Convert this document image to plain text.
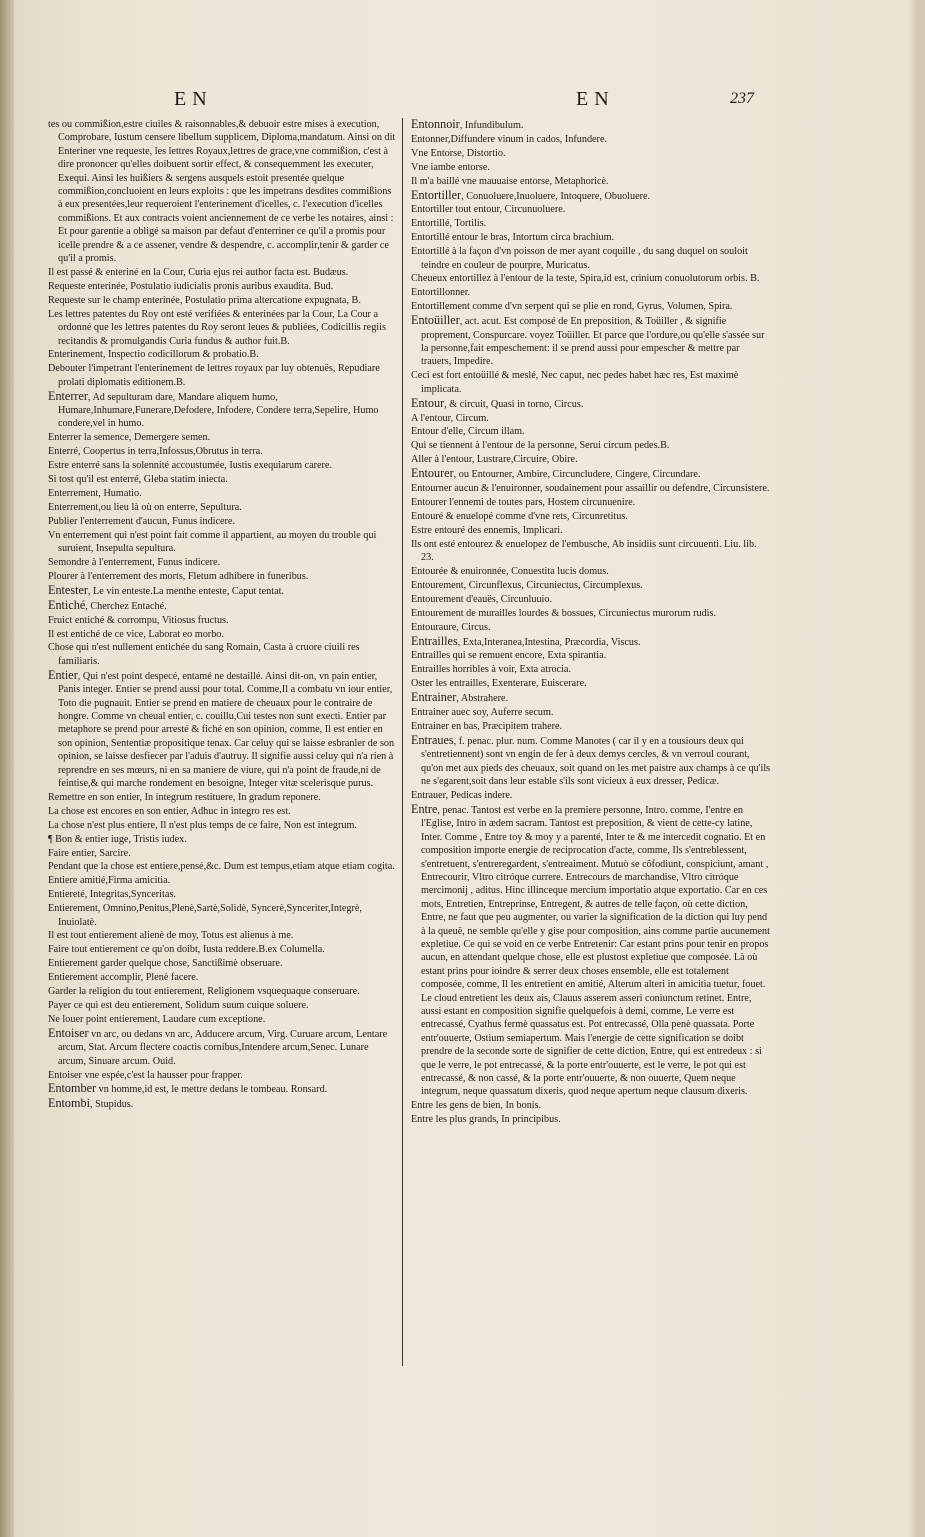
EN	EN	237

tes ou commißion,estre ciuiles & raisonnables,& debuoir estre mises à execution, Comprobare, Iustum censere libellum supplicem, Diploma,mandatum. Ainsi on dit Enteriner vne requeste, les lettres Royaux,lettres de grace,vne commißion, c'est à dire prononcer qu'elles doibuent sortir effect, & consequemment les executer, Exequi. Ainsi les huißiers & sergens ausquels estoit presentée quelque commißion,concluoient en leurs exploits : que les impetrans desdites commißions à eux presentées,leur requeroient l'enterinement d'icelles, c. l'execution d'icelles commißions. Et aux contracts voient anciennement de ce verbe les notaires, ainsi : Et pour garentie a obligé sa maison par defaut d'enterriner ce qu'il a promis pour icelle prendre & a ce assener, vendre & despendre, c. accomplir,tenir & garder ce qu'il a promis.

Il est passé & enteriné en la Cour, Curia ejus rei author facta est. Budæus.

Requeste enterinée, Postulatio iudicialis pronis auribus exaudita. Bud.

Requeste sur le champ enterinée, Postulatio prima altercatione expugnata, B.

Les lettres patentes du Roy ont esté verifiées & enterinées par la Cour, La Cour a ordonné que les lettres patentes du Roy seront leues & publiées, Codicillis regiis recitandis & promulgandis Curia fundus & author fuit.B.

Enterinement, Inspectio codicillorum & probatio.B.

Debouter l'impetrant l'enterinement de lettres royaux par luy obtenuës, Repudiare prolati diplomatis editionem.B.

Enterrer, Ad sepulturam dare, Mandare aliquem humo, Humare,Inhumare,Funerare,Defodere, Infodere, Condere terra,Sepelire, Humo condere,vel in humo.

Enterrer la semence, Demergere semen.

Enterré, Coopertus in terra,Infossus,Obrutus in terra.

Estre enterré sans la solennité accoustumée, Iustis exequiarum carere.

Si tost qu'il est enterré, Gleba statim iniecta.

Enterrement, Humatio.

Enterrement,ou lieu là où on enterre, Sepultura.

Publier l'enterrement d'aucun, Funus indicere.

Vn enterrement qui n'est point fait comme il appartient, au moyen du trouble qui suruient, Insepulta sepultura.

Semondre à l'enterrement, Funus indicere.

Plourer à l'enterrement des morts, Fletum adhibere in funeribus.

Entester, Le vin enteste.La menthe enteste, Caput tentat.

Entiché, Cherchez Entaché.

Fruict entiché & corrompu, Vitiosus fructus.

Il est entiché de ce vice, Laborat eo morbo.

Chose qui n'est nullement entichée du sang Romain, Casta à cruore ciuili res familiaris.

Entier, Qui n'est point despecé, entamé ne destaillé. Ainsi dit-on, vn pain entier, Panis integer. Entier se prend aussi pour total. Comme,Il a combatu vn iour entier, Toto die pugnauit. Entier se prend en matiere de cheuaux pour le contraire de hongre. Comme vn cheual entier, c. couillu,Cui testes non sunt execti. Entier par metaphore se prend pour arresté & fiché en son opinion, comme, Il est entier en son opinion, Sententiæ propositique tenax. Car celuy qui se laisse esbranler de son opinion, se laisse desfiecer par l'aduis d'autruy. Il signifie aussi celuy qui n'a rien à reprendre en ses mœurs, ni en sa maniere de viure, qui n'a point de fraude,ni de feintise,& qui marche rondement en besoigne, Integer vitæ scelerisque purus.

Remettre en son entier, In integrum restituere, In gradum reponere.

La chose est encores en son entier, Adhuc in integro res est.

La chose n'est plus entiere, Il n'est plus temps de ce faire, Non est integrum.

¶ Bon & entier iuge, Tristis iudex.

Faire entier, Sarcire.

Pendant que la chose est entiere,pensé,&c. Dum est tempus,etiam atque etiam cogita.

Entiere amitié,Firma amicitia.

Entiereté, Integritas,Synceritas.

Entierement, Omnino,Penitus,Plenè,Sartè,Solidè, Syncerè,Synceriter,Integrè, Inuiolatè.

Il est tout entierement alienè de moy, Totus est alienus à me.

Faire tout entierement ce qu'on doibt, Iusta reddere.B.ex Columella.

Entierement garder quelque chose, Sanctißimè obseruare.

Entierement accomplir, Plenè facere.

Garder la religion du tout entierement, Religionem vsquequaque conseruare.

Payer ce qui est deu entierement, Solidum suum cuique soluere.

Ne louer point entierement, Laudare cum exceptione.

Entoiser vn arc, ou dedans vn arc, Adducere arcum, Virg. Curuare arcum, Lentare arcum, Stat. Arcum flectere coactis cornibus,Intendere arcum,Senec. Lunare arcum, Sinuare arcum. Ouid.

Entoiser vne espée,c'est la hausser pour frapper.

Entomber vn homme,id est, le mettre dedans le tombeau. Ronsard.

Entombi, Stupidus.

Entonnoir, Infundibulum.

Entonner,Diffundere vinum in cados, Infundere.

Vne Entorse, Distortio.

Vne iambe entorse.

Il m'a baillé vne mauuaise entorse, Metaphoricè.

Entortiller, Conuoluere,Inuoluere, Intoquere, Obuoluere.

Entortiller tout entour, Circunuoluere.

Entortillé, Tortilis.

Entortillé entour le bras, Intortum circa brachium.

Entortillé à la façon d'vn poisson de mer ayant coquille , du sang duquel on souloit teindre en couleur de pourpre, Muricatus.

Cheueux entortillez à l'entour de la teste, Spira,id est, crinium conuolutorum orbis. B.

Entortillonner.

Entortillement comme d'vn serpent qui se plie en rond, Gyrus, Volumen, Spira.

Entoüiller, act. acut. Est composé de En preposition, & Toüiller , & signifie proprement, Conspurcare. voyez Toüiller. Et parce que l'ordure,ou qu'elle s'assée sur la personne,fait empeschement: il se prend aussi pour empescher & mettre par trauers, Impedire.

Ceci est fort entoüillé & meslé, Nec caput, nec pedes habet hæc res, Est maximè implicata.

Entour, & circuit, Quasi in torno, Circus.

A l'entour, Circum.

Entour d'elle, Circum illam.

Qui se tiennent à l'entour de la personne, Serui circum pedes.B.

Aller à l'entour, Lustrare,Circuire, Obire.

Entourer, ou Entourner, Ambire, Circuncludere, Cingere, Circundare.

Entourner aucun & l'enuironner, soudainement pour assaillir ou defendre, Circunsistere.

Entourer l'ennemi de toutes pars, Hostem circunuenire.

Entouré & enuelopé comme d'vne rets, Circunretitus.

Estre entouré des ennemis, Implicari.

Ils ont esté entourez & enuelopez de l'embusche, Ab insidiis sunt circuuenti. Liu. lib. 23.

Entourée & enuironnée, Conuestita lucis domus.

Entourement, Circunflexus, Circuniectus, Circumplexus.

Entourement d'eauës, Circunluuio.

Entourement de murailles lourdes & bossues, Circuniectus murorum rudis.

Entouraure, Circus.

Entrailles, Exta,Interanea,Intestina, Præcordia, Viscus.

Entrailles qui se remuent encore, Exta spirantia.

Entrailles horribles à voir, Exta atrocia.

Oster les entrailles, Exenterare, Euiscerare.

Entrainer, Abstrahere.

Entrainer auec soy, Auferre secum.

Entrainer en bas, Præcipitem trahere.

Entraues, f. penac. plur. num. Comme Manotes ( car il y en a tousiours deux qui s'entretiennent) sont vn engin de fer à deux demys cercles, & vn verroul courant, qu'on met aux pieds des cheuaux, soit quand on les met paistre aux champs à ce qu'ils ne s'egarent,soit dans leur estable s'ils sont vicieux à eux dresser, Pedicæ.

Entrauer, Pedicas indere.

Entre, penac. Tantost est verbe en la premiere personne, Intro. comme, I'entre en l'Eglise, Intro in ædem sacram. Tantost est preposition, & vient de cette-cy latine, Inter. Comme , Entre toy & moy y a parenté, Inter te & me intercedit cognatio. Et en composition importe energie de reciprocation d'acte, comme, Ils s'entreblessent, s'entretuent, s'entreregardent, s'entreaiment. Mutuò se cõfodiunt, conspiciunt, amant , Entrecourir, Vltro citróque currere. Entrecours de marchandise, Vltro citróque mercimonij , aditus. Hinc illinceque mercium importatio atque exportatio. Car en ces mots, Entretien, Entreprinse, Entregent, & autres de telle façon, où cette diction, Entre, ne faut que peu augmenter, ou varier la signification de la diction qui luy pend à la queuë, ne semble qu'elle y gise pour composition, ains comme partie aucunement expletiue. Ce qui se void en ce verbe Entretenir: Car estant prins pour tenir en propos aucun, en attendant quelque chose, elle est plustost expletiue que composée. Là où estant prins pour ioindre & serrer deux choses ensemble, elle est totalement composée, comme, Il les entretient en amitié, Alterum alteri in amicitia tuetur, fouet. Le cloud entretient les deux ais, Clauus asserem asseri coniunctum retinet. Entre, aussi estant en composition signifie quelquefois à demi, comme, Le verre est entrecassé, Cyathus fermè quassatus est. Pot entrecassé, Olla penè quassata. Porte entr'ouuerte, Ostium semiapertum. Mais l'energie de cette signification se doibt prendre de la seconde sorte de signifier de cette diction, Entre, qui est entredeux : si que le verre, le pot entrecassé, & la porte entr'ouuerte, est le verre, le pot qui est entrecassé, & non cassé, & la porte entr'ouuerte, & non ouuerte, Quem neque integrum, neque quassatum dixeris, quod neque apertum neque clausum dixeris.

Entre les gens de bien, In bonis.

Entre les plus grands, In principibus.
